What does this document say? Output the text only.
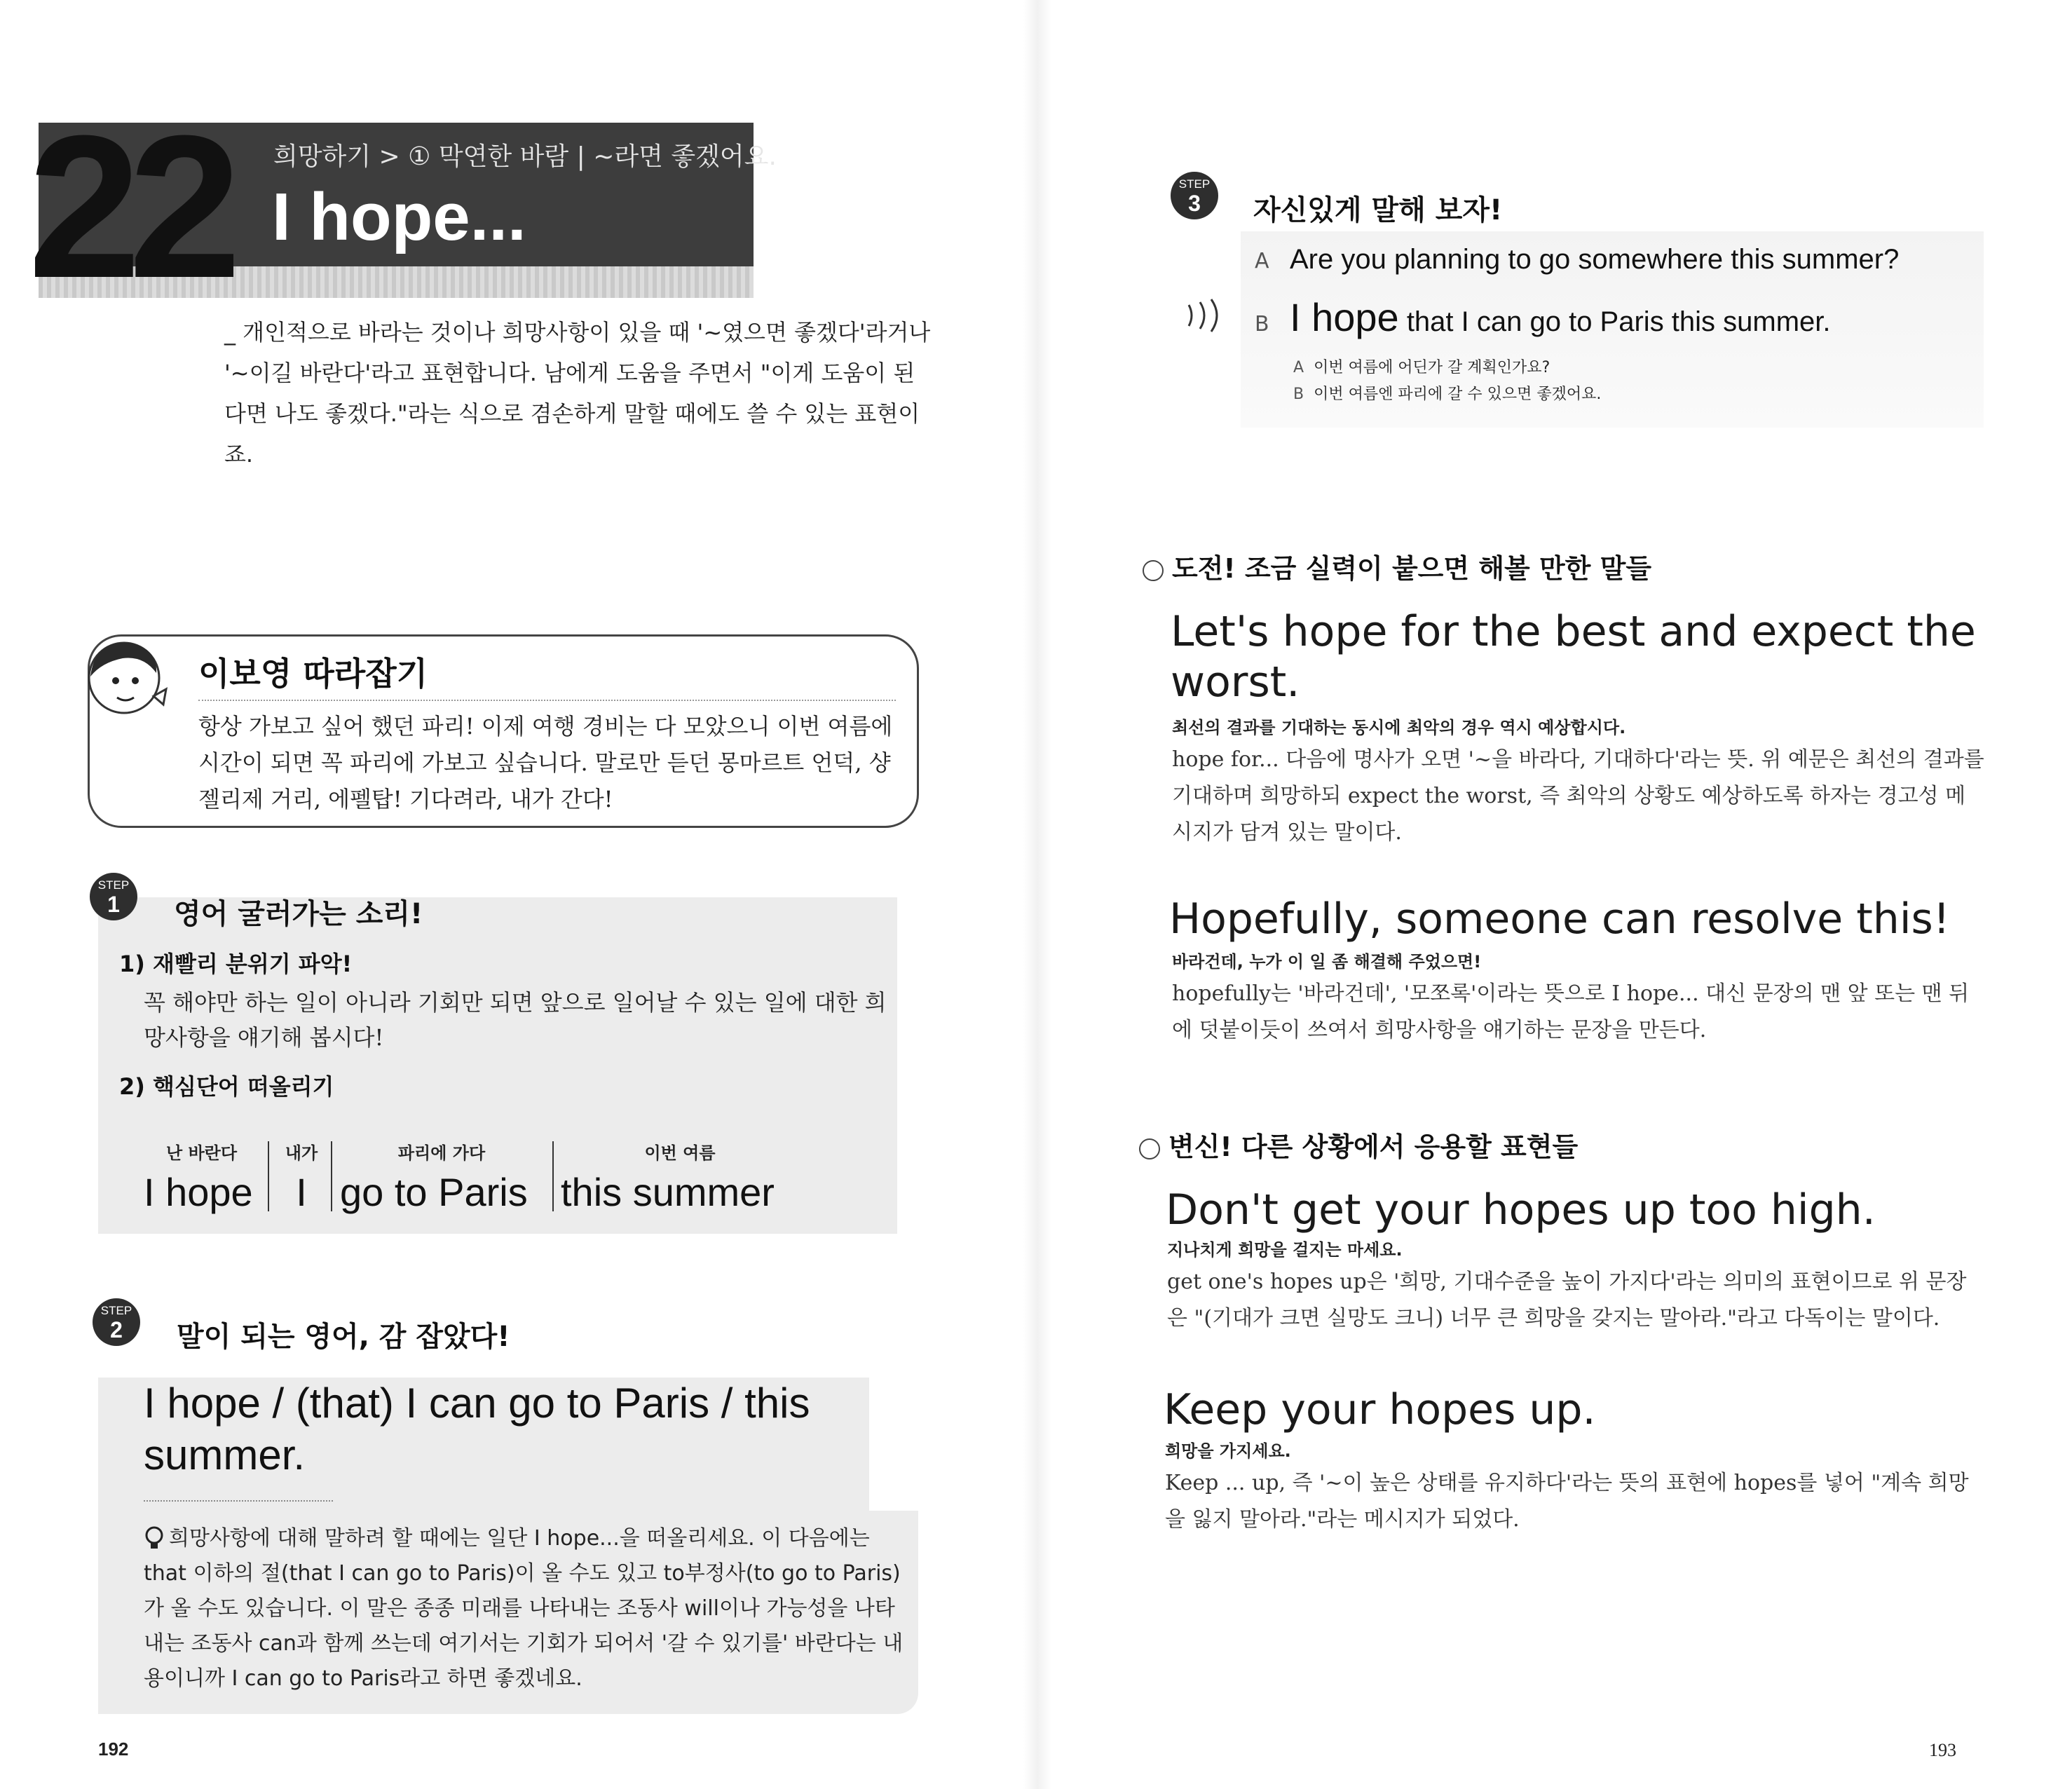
22 희망하기 > ① 막연한 바람 | ~라면 좋겠어요.
I hope...
_ 개인적으로 바라는 것이나 희망사항이 있을 때 '~였으면 좋겠다'라거나 '~이길 바란다'라고 표현합니다. 남에게 도움을 주면서 "이게 도움이 된다면 나도 좋겠다."라는 식으로 겸손하게 말할 때에도 쓸 수 있는 표현이죠.
이보영 따라잡기
항상 가보고 싶어 했던 파리! 이제 여행 경비는 다 모았으니 이번 여름에 시간이 되면 꼭 파리에 가보고 싶습니다. 말로만 듣던 몽마르트 언덕, 샹젤리제 거리, 에펠탑! 기다려라, 내가 간다!
STEP
1	영어 굴러가는 소리!
1) 재빨리 분위기 파악!
꼭 해야만 하는 일이 아니라 기회만 되면 앞으로 일어날 수 있는 일에 대한 희망사항을 얘기해 봅시다!
2) 핵심단어 떠올리기
난 바란다
I hope
내가
I
파리에 가다
go to Paris
이번 여름
this summer
STEP
2	말이 되는 영어, 감 잡았다!
I hope / (that) I can go to Paris / this summer.
희망사항에 대해 말하려 할 때에는 일단 I hope...을 떠올리세요. 이 다음에는 that 이하의 절(that I can go to Paris)이 올 수도 있고 to부정사(to go to Paris)가 올 수도 있습니다. 이 말은 종종 미래를 나타내는 조동사 will이나 가능성을 나타내는 조동사 can과 함께 쓰는데 여기서는 기회가 되어서 '갈 수 있기를' 바란다는 내용이니까 I can go to Paris라고 하면 좋겠네요.
192
STEP
3	자신있게 말해 보자!
A Are you planning to go somewhere this summer?
B I hope that I can go to Paris this summer.
A 이번 여름에 어딘가 갈 계획인가요?
B 이번 여름엔 파리에 갈 수 있으면 좋겠어요.
도전! 조금 실력이 붙으면 해볼 만한 말들
Let's hope for the best and expect the worst.
최선의 결과를 기대하는 동시에 최악의 경우 역시 예상합시다.
hope for... 다음에 명사가 오면 '~을 바라다, 기대하다'라는 뜻. 위 예문은 최선의 결과를 기대하며 희망하되 expect the worst, 즉 최악의 상황도 예상하도록 하자는 경고성 메시지가 담겨 있는 말이다.
Hopefully, someone can resolve this!
바라건데, 누가 이 일 좀 해결해 주었으면!
hopefully는 '바라건데', '모쪼록'이라는 뜻으로 I hope... 대신 문장의 맨 앞 또는 맨 뒤에 덧붙이듯이 쓰여서 희망사항을 얘기하는 문장을 만든다.
변신! 다른 상황에서 응용할 표현들
Don't get your hopes up too high.
지나치게 희망을 걸지는 마세요.
get one's hopes up은 '희망, 기대수준을 높이 가지다'라는 의미의 표현이므로 위 문장은 "(기대가 크면 실망도 크니) 너무 큰 희망을 갖지는 말아라."라고 다독이는 말이다.
Keep your hopes up.
희망을 가지세요.
Keep ... up, 즉 '~이 높은 상태를 유지하다'라는 뜻의 표현에 hopes를 넣어 "계속 희망을 잃지 말아라."라는 메시지가 되었다.
193
